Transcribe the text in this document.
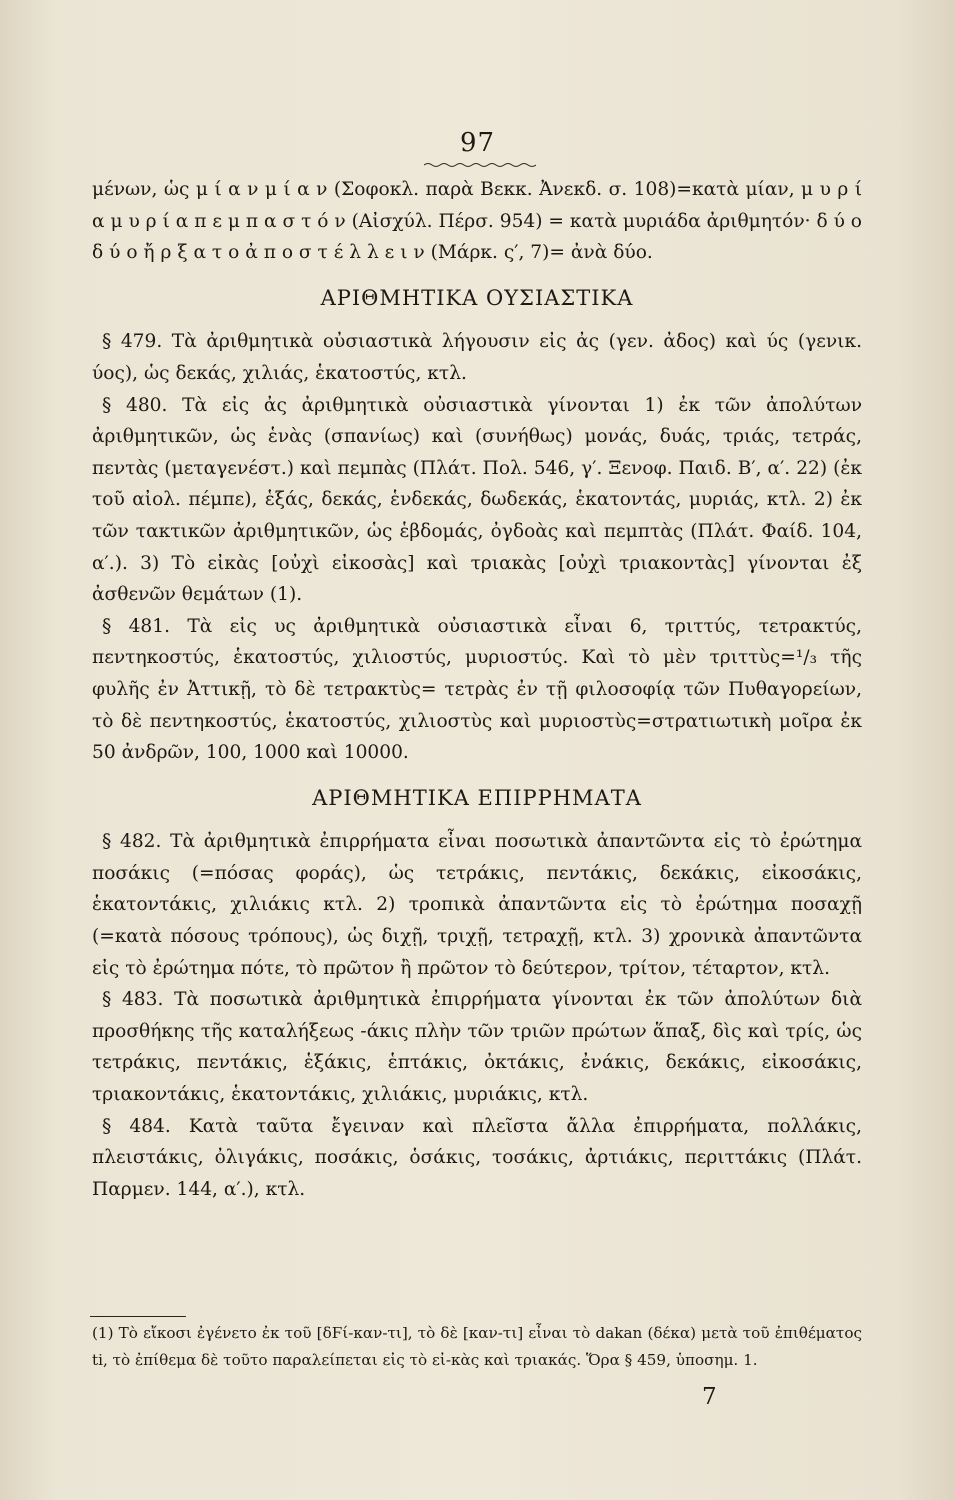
97

μένων, ὡς μ ί α ν μ ί α ν (Σοφοκλ. παρὰ Βεκκ. Ἀνεκδ. σ. 108)=κατὰ μίαν, μ υ ρ ί α μ υ ρ ί α π ε μ π α σ τ ό ν (Αἰσχύλ. Πέρσ. 954) = κατὰ μυριάδα ἀριθμητόν· δ ύ ο δ ύ ο ἤ ρ ξ α τ ο ἀ π ο σ τ έ λ λ ε ι ν (Μάρκ. ς′, 7)= ἀνὰ δύο.

ΑΡΙΘΜΗΤΙΚΑ ΟΥΣΙΑΣΤΙΚΑ

§ 479. Τὰ ἀριθμητικὰ οὐσιαστικὰ λήγουσιν εἰς ἀς (γεν. ἀδος) καὶ ύς (γενικ. ύος), ὡς δεκάς, χιλιάς, ἑκατοστύς, κτλ.

§ 480. Τὰ εἰς ἀς ἀριθμητικὰ οὐσιαστικὰ γίνονται 1) ἐκ τῶν ἀπολύτων ἀριθμητικῶν, ὡς ἑνὰς (σπανίως) καὶ (συνήθως) μονάς, δυάς, τριάς, τετράς, πεντὰς (μεταγενέστ.) καὶ πεμπὰς (Πλάτ. Πολ. 546, γ′. Ξενοφ. Παιδ. Β′, α′. 22) (ἐκ τοῦ αἰολ. πέμπε), ἑξάς, δεκάς, ἑνδεκάς, δωδεκάς, ἑκατοντάς, μυριάς, κτλ. 2) ἐκ τῶν τακτικῶν ἀριθμητικῶν, ὡς ἑβδομάς, ὀγδοὰς καὶ πεμπτὰς (Πλάτ. Φαίδ. 104, α′.). 3) Τὸ εἰκὰς [οὐχὶ εἰκοσὰς] καὶ τριακὰς [οὐχὶ τριακοντὰς] γίνονται ἐξ ἀσθενῶν θεμάτων (1).

§ 481. Τὰ εἰς υς ἀριθμητικὰ οὐσιαστικὰ εἶναι 6, τριττύς, τετρακτύς, πεντηκοστύς, ἑκατοστύς, χιλιοστύς, μυριοστύς. Καὶ τὸ μὲν τριττὺς=¹/₃ τῆς φυλῆς ἐν Ἀττικῇ, τὸ δὲ τετρακτὺς= τετρὰς ἐν τῇ φιλοσοφίᾳ τῶν Πυθαγορείων, τὸ δὲ πεντηκοστύς, ἑκατοστύς, χιλιοστὺς καὶ μυριοστὺς=στρατιωτικὴ μοῖρα ἐκ 50 ἀνδρῶν, 100, 1000 καὶ 10000.

ΑΡΙΘΜΗΤΙΚΑ ΕΠΙΡΡΗΜΑΤΑ

§ 482. Τὰ ἀριθμητικὰ ἐπιρρήματα εἶναι ποσωτικὰ ἀπαντῶντα εἰς τὸ ἐρώτημα ποσάκις (=πόσας φοράς), ὡς τετράκις, πεντάκις, δεκάκις, εἰκοσάκις, ἑκατοντάκις, χιλιάκις κτλ. 2) τροπικὰ ἀπαντῶντα εἰς τὸ ἐρώτημα ποσαχῇ (=κατὰ πόσους τρόπους), ὡς διχῇ, τριχῇ, τετραχῇ, κτλ. 3) χρονικὰ ἀπαντῶντα εἰς τὸ ἐρώτημα πότε, τὸ πρῶτον ἢ πρῶτον τὸ δεύτερον, τρίτον, τέταρτον, κτλ.

§ 483. Τὰ ποσωτικὰ ἀριθμητικὰ ἐπιρρήματα γίνονται ἐκ τῶν ἀπολύτων διὰ προσθήκης τῆς καταλήξεως -άκις πλὴν τῶν τριῶν πρώτων ἅπαξ, δὶς καὶ τρίς, ὡς τετράκις, πεντάκις, ἑξάκις, ἑπτάκις, ὀκτάκις, ἐνάκις, δεκάκις, εἰκοσάκις, τριακοντάκις, ἑκατοντάκις, χιλιάκις, μυριάκις, κτλ.

§ 484. Κατὰ ταῦτα ἔγειναν καὶ πλεῖστα ἄλλα ἐπιρρήματα, πολλάκις, πλειστάκις, ὀλιγάκις, ποσάκις, ὁσάκις, τοσάκις, ἀρτιάκις, περιττάκις (Πλάτ. Παρμεν. 144, α′.), κτλ.

(1) Τὸ εἴκοσι ἐγένετο ἐκ τοῦ [δϜί-καν-τι], τὸ δὲ [καν-τι] εἶναι τὸ dakan (δέκα) μετὰ τοῦ ἐπιθέματος ti, τὸ ἐπίθεμα δὲ τοῦτο παραλείπεται εἰς τὸ εἰ-κὰς καὶ τριακάς. Ὅρα § 459, ὑποσημ. 1.
7
